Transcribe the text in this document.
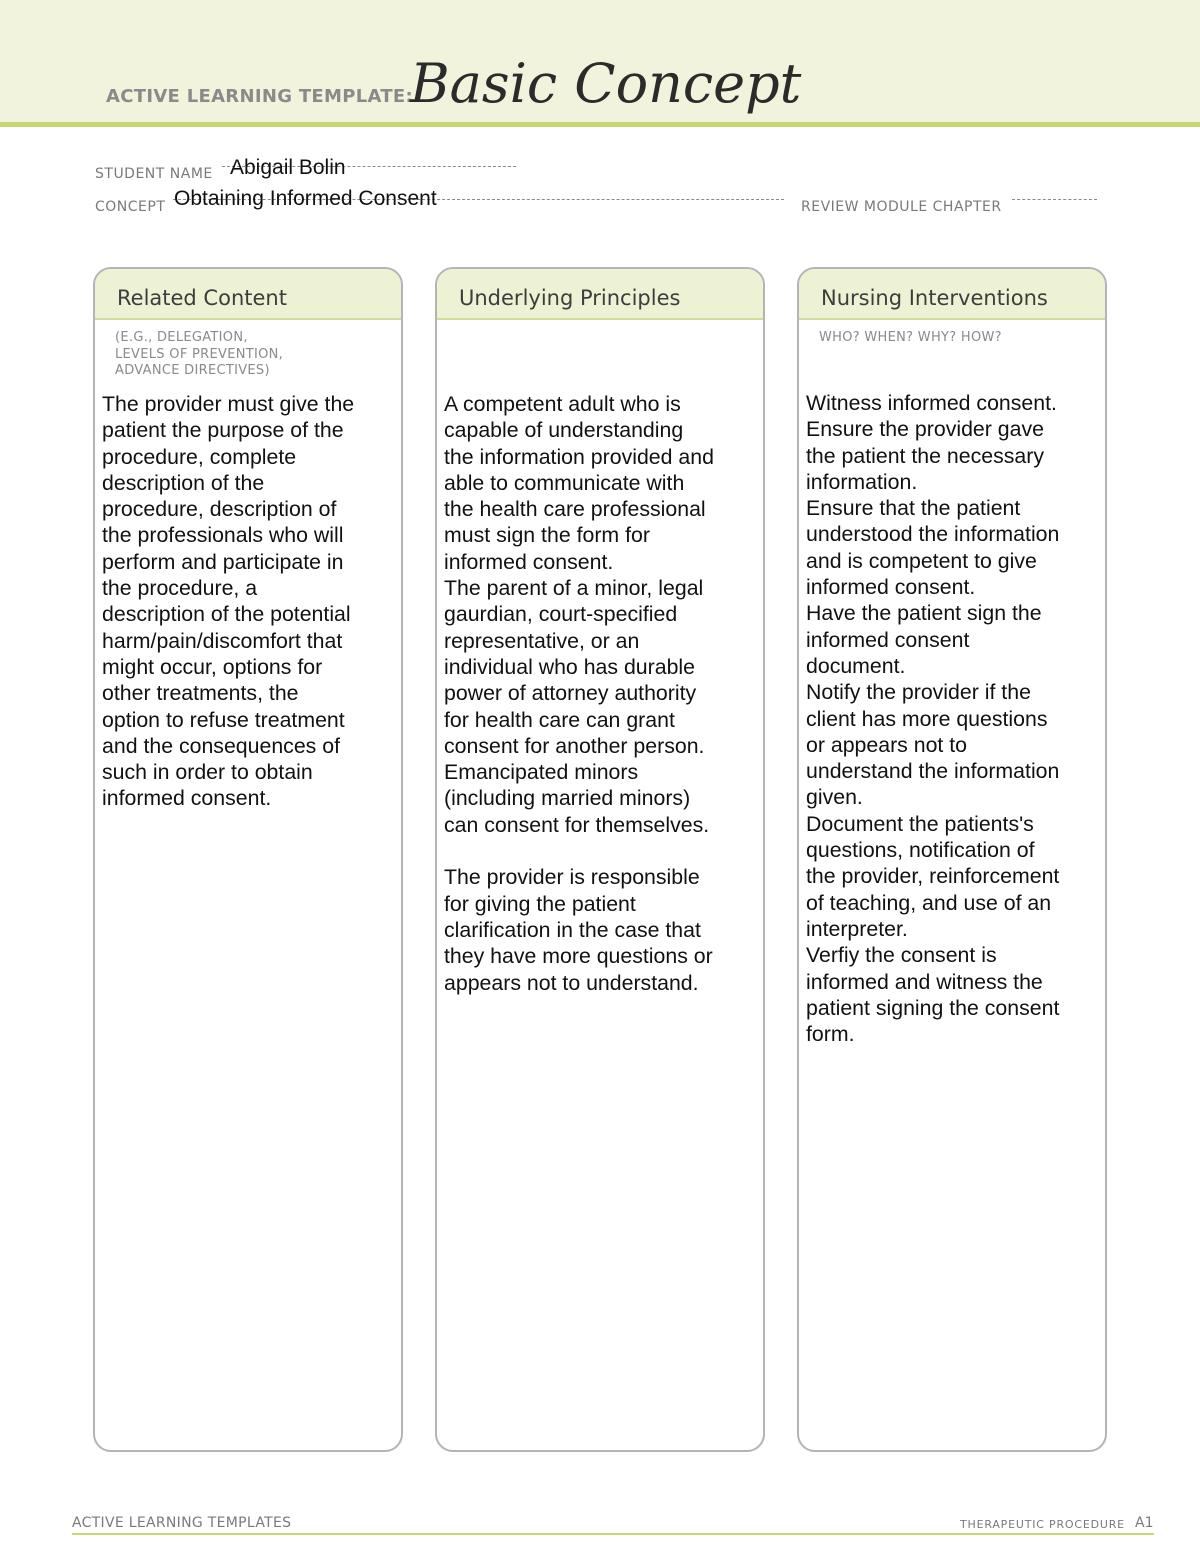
ACTIVE LEARNING TEMPLATE:
Basic Concept
STUDENT NAME Abigail Bolin
CONCEPT Obtaining Informed Consent	REVIEW MODULE CHAPTER
Related Content
(E.G., DELEGATION,
LEVELS OF PREVENTION,
ADVANCE DIRECTIVES)
The provider must give the
patient the purpose of the
procedure, complete
description of the
procedure, description of
the professionals who will
perform and participate in
the procedure, a
description of the potential
harm/pain/discomfort that
might occur, options for
other treatments, the
option to refuse treatment
and the consequences of
such in order to obtain
informed consent.
Underlying Principles
A competent adult who is
capable of understanding
the information provided and
able to communicate with
the health care professional
must sign the form for
informed consent.
The parent of a minor, legal
gaurdian, court-specified
representative, or an
individual who has durable
power of attorney authority
for health care can grant
consent for another person.
Emancipated minors
(including married minors)
can consent for themselves.

The provider is responsible
for giving the patient
clarification in the case that
they have more questions or
appears not to understand.
Nursing Interventions
WHO? WHEN? WHY? HOW?
Witness informed consent.
Ensure the provider gave
the patient the necessary
information.
Ensure that the patient
understood the information
and is competent to give
informed consent.
Have the patient sign the
informed consent
document.
Notify the provider if the
client has more questions
or appears not to
understand the information
given.
Document the patients's
questions, notification of
the provider, reinforcement
of teaching, and use of an
interpreter.
Verfiy the consent is
informed and witness the
patient signing the consent
form.
ACTIVE LEARNING TEMPLATES	THERAPEUTIC PROCEDURE A1
